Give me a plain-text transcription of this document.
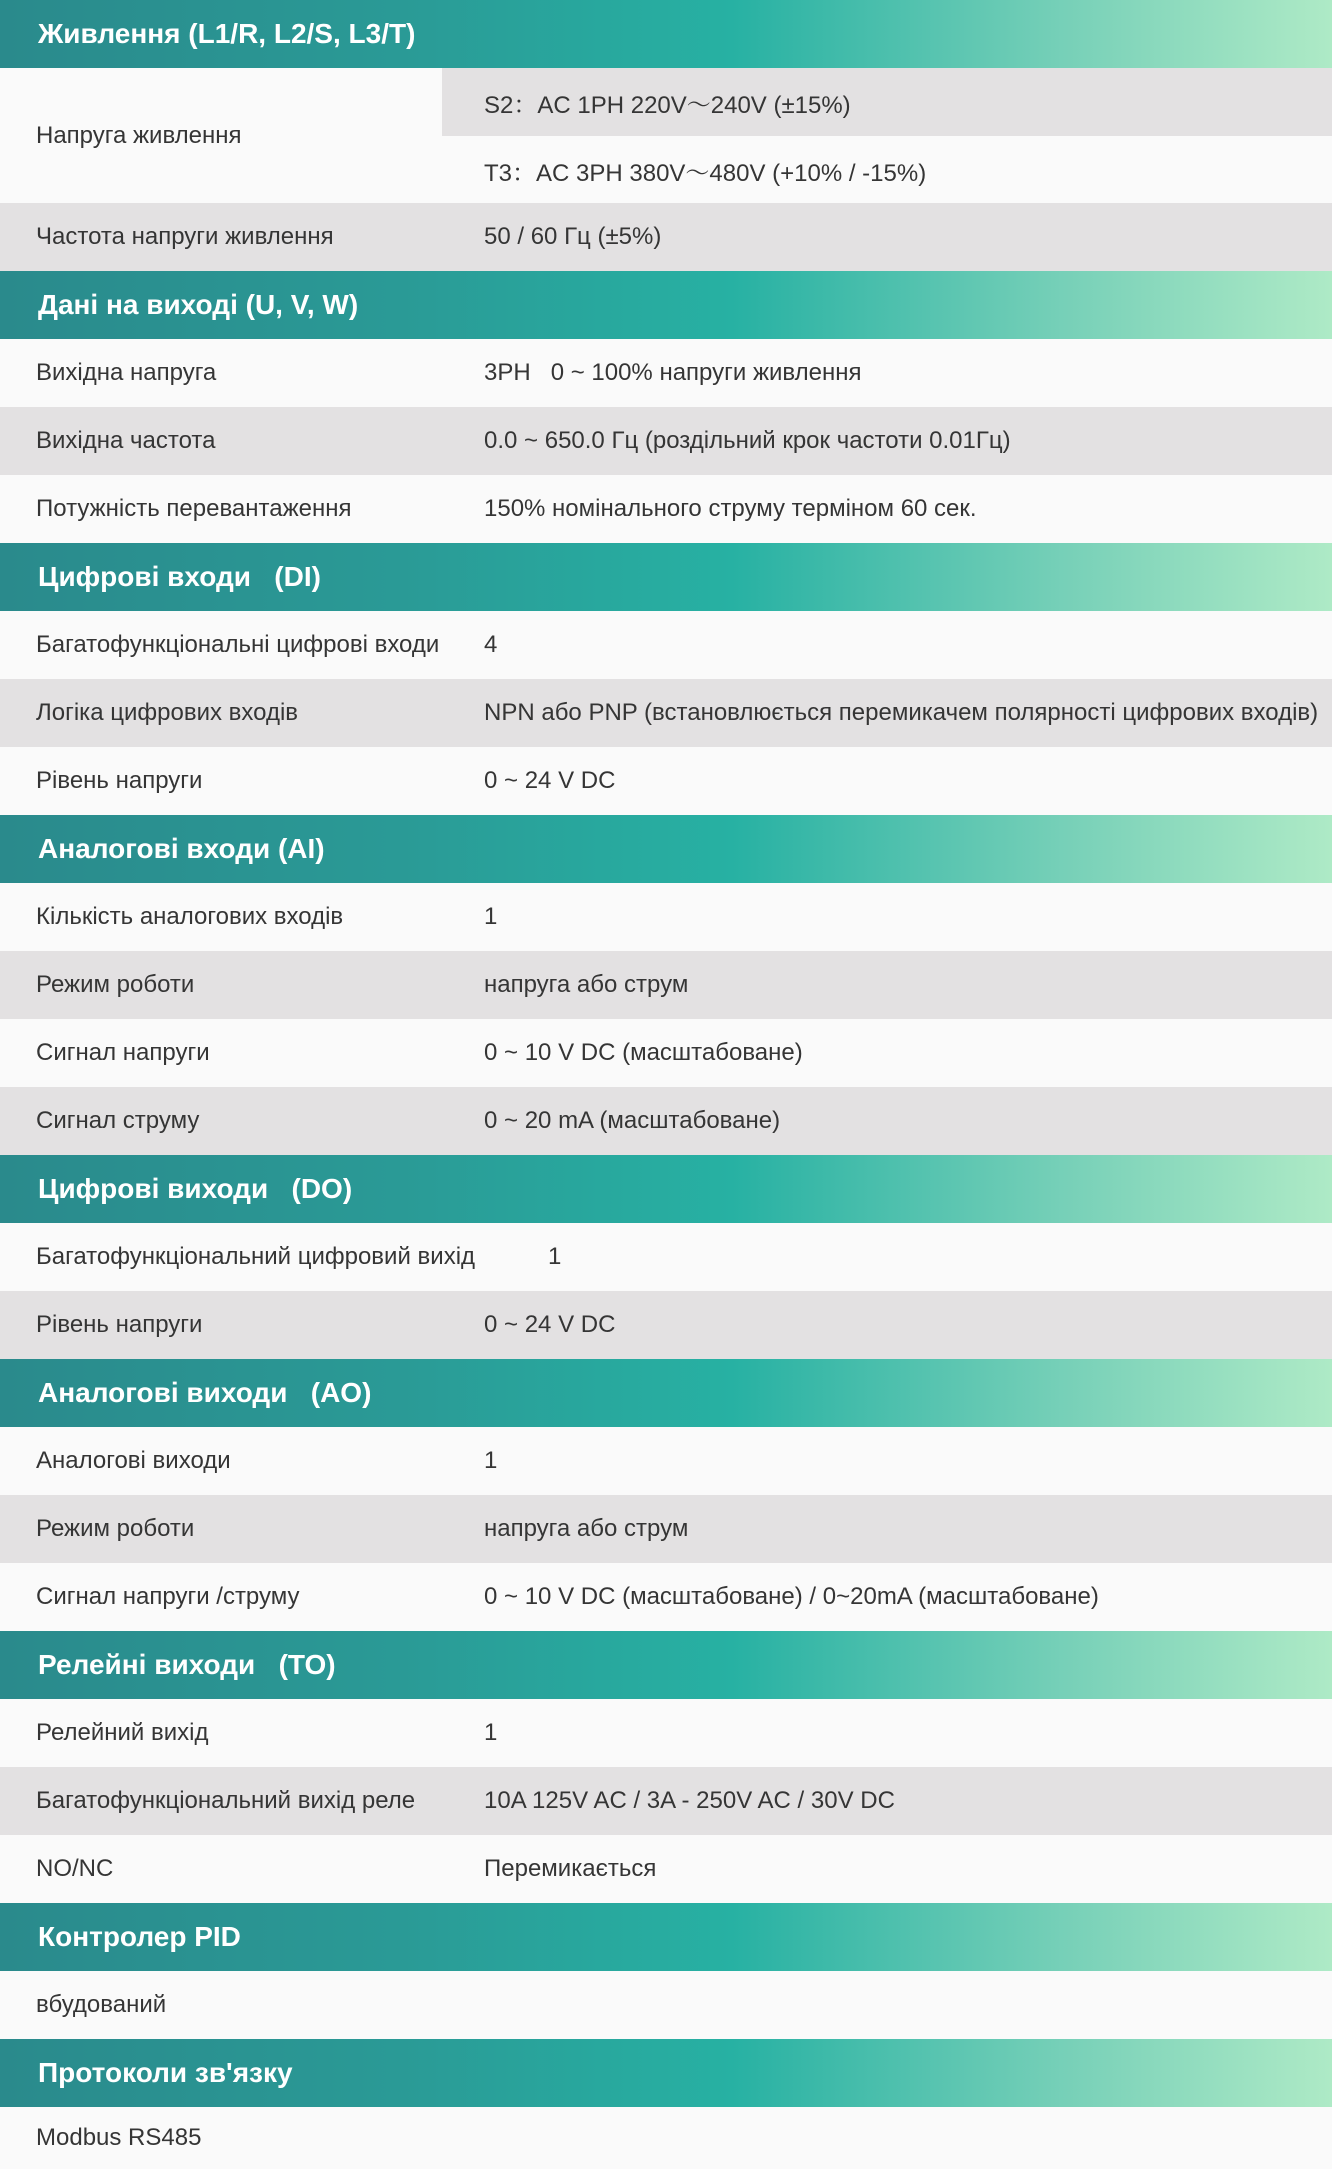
Живлення (L1/R, L2/S, L3/T)
Напруга живлення
S2：AC 1PH 220V～240V (±15%)
T3：AC 3PH 380V～480V (+10% / -15%)
Частота напруги живлення	50 / 60 Гц (±5%)
Дані на виході (U, V, W)
Вихідна напруга	3PH   0 ~ 100% напруги живлення
Вихідна частота	0.0 ~ 650.0 Гц (роздільний крок частоти 0.01Гц)
Потужність перевантаження	150% номінального струму терміном 60 сек.
Цифрові входи   (DI)
Багатофункціональні цифрові входи 4
Логіка цифрових входів	NPN або PNP (встановлюється перемикачем полярності цифрових входів)
Рівень напруги	0 ~ 24 V DC
Аналогові входи (AI)
Кількість аналогових входів	1
Режим роботи	напруга або струм
Сигнал напруги	0 ~ 10 V DC (масштабоване)
Сигнал струму	0 ~ 20 mA (масштабоване)
Цифрові виходи   (DO)
Багатофункціональний цифровий вихід	1
Рівень напруги	0 ~ 24 V DC
Аналогові виходи   (AO)
Аналогові виходи	1
Режим роботи	напруга або струм
Сигнал напруги /струму	0 ~ 10 V DC (масштабоване) / 0~20mA (масштабоване)
Релейні виходи   (TO)
Релейний вихід	1
Багатофункціональний вихід реле	10A 125V AC / 3A - 250V AC / 30V DC
NO/NC	Перемикається
Контролер PID
вбудований
Протоколи зв'язку
Modbus RS485
